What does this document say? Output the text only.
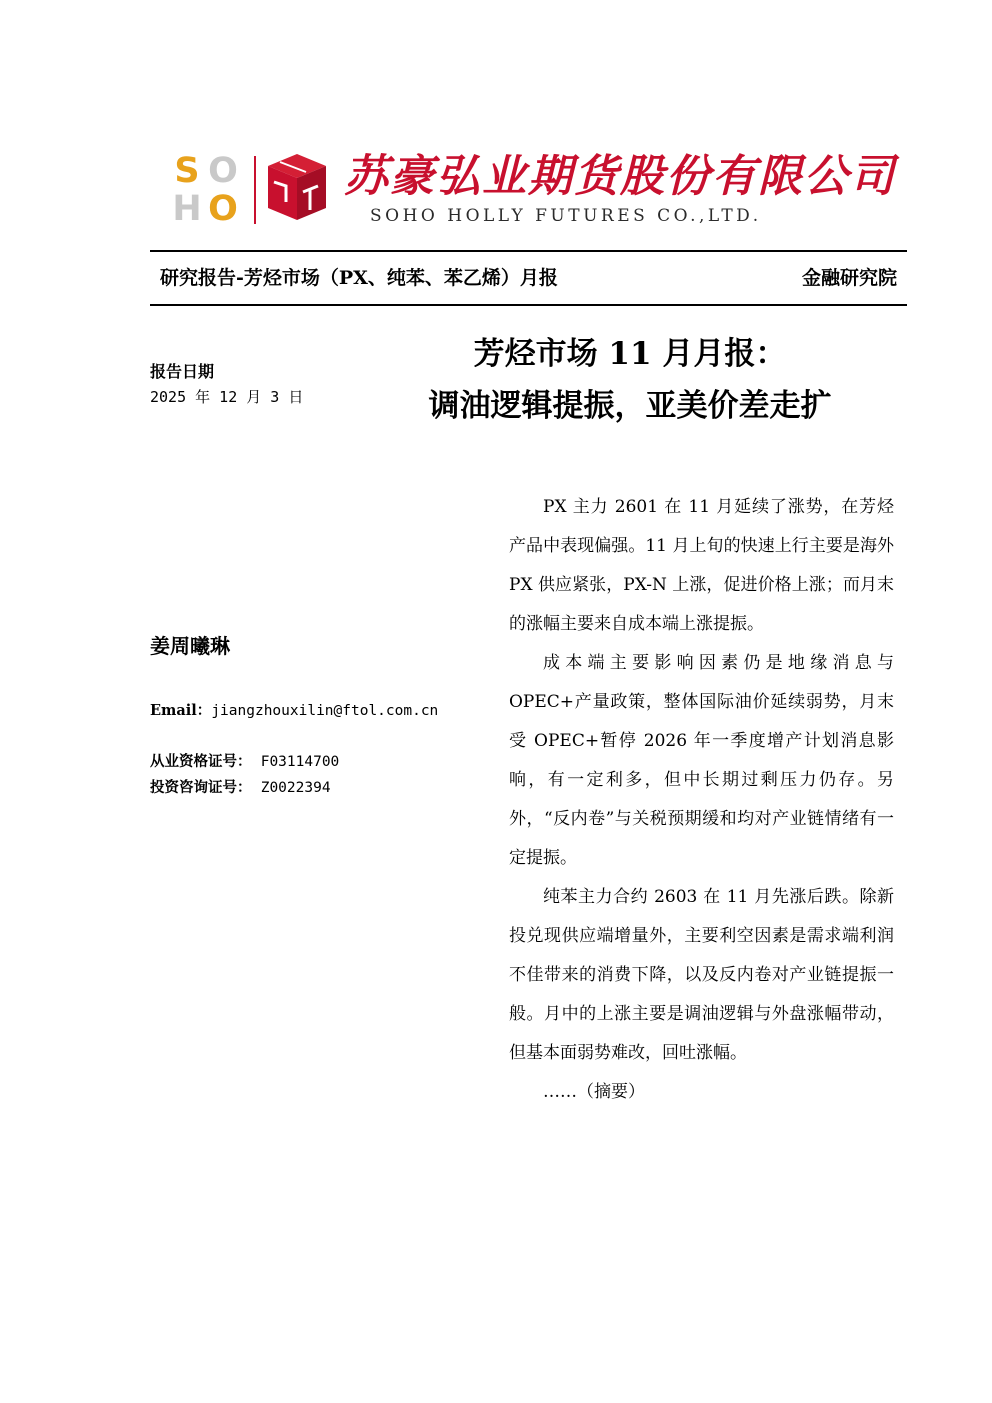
S O
H O
苏豪弘业期货股份有限公司
SOHO HOLLY FUTURES CO.,LTD.
研究报告-芳烃市场（PX、纯苯、苯乙烯）月报	金融研究院
芳烃市场 11 月月报：
调油逻辑提振，亚美价差走扩
报告日期
2025 年 12 月 3 日
姜周曦琳
Email：jiangzhouxilin@ftol.com.cn
从业资格证号： F03114700
投资咨询证号： Z0022394

PX 主力 2601 在 11 月延续了涨势，在芳烃产品中表现偏强。11 月上旬的快速上行主要是海外 PX 供应紧张，PX-N 上涨，促进价格上涨；而月末的涨幅主要来自成本端上涨提振。

成本端主要影响因素仍是地缘消息与 OPEC+产量政策，整体国际油价延续弱势，月末受 OPEC+暂停 2026 年一季度增产计划消息影响，有一定利多，但中长期过剩压力仍存。另外，“反内卷”与关税预期缓和均对产业链情绪有一定提振。

纯苯主力合约 2603 在 11 月先涨后跌。除新投兑现供应端增量外，主要利空因素是需求端利润不佳带来的消费下降，以及反内卷对产业链提振一般。月中的上涨主要是调油逻辑与外盘涨幅带动，但基本面弱势难改，回吐涨幅。

……（摘要）
